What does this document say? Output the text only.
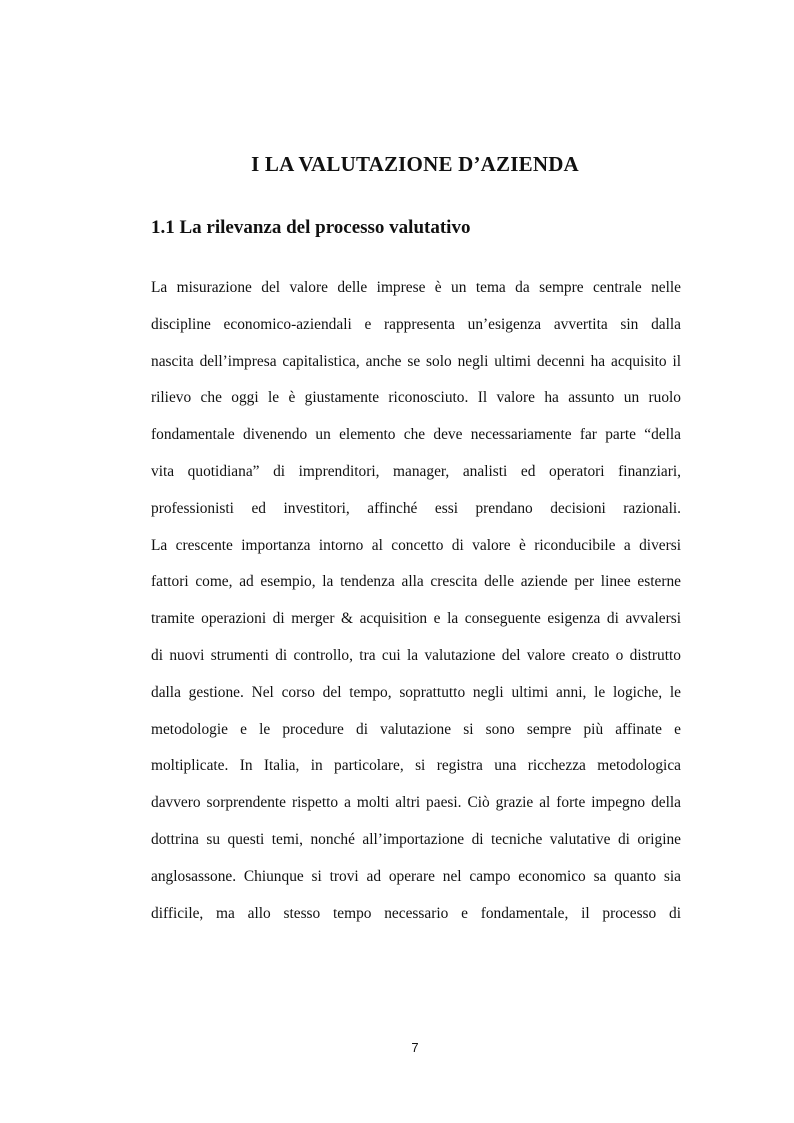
I LA VALUTAZIONE D’AZIENDA
1.1 La rilevanza del processo valutativo
La misurazione del valore delle imprese è un tema da sempre centrale nelle
discipline economico-aziendali e rappresenta un’esigenza avvertita sin dalla
nascita dell’impresa capitalistica, anche se solo negli ultimi decenni ha acquisito il
rilievo che oggi le è giustamente riconosciuto. Il valore ha assunto un ruolo
fondamentale divenendo un elemento che deve necessariamente far parte “della
vita quotidiana” di imprenditori, manager, analisti ed operatori finanziari,
professionisti ed investitori, affinché essi prendano decisioni razionali.
La crescente importanza intorno al concetto di valore è riconducibile a diversi
fattori come, ad esempio, la tendenza alla crescita delle aziende per linee esterne
tramite operazioni di merger & acquisition e la conseguente esigenza di avvalersi
di nuovi strumenti di controllo, tra cui la valutazione del valore creato o distrutto
dalla gestione. Nel corso del tempo, soprattutto negli ultimi anni, le logiche, le
metodologie e le procedure di valutazione si sono sempre più affinate e
moltiplicate. In Italia, in particolare, si registra una ricchezza metodologica
davvero sorprendente rispetto a molti altri paesi. Ciò grazie al forte impegno della
dottrina su questi temi, nonché all’importazione di tecniche valutative di origine
anglosassone. Chiunque si trovi ad operare nel campo economico sa quanto sia
difficile, ma allo stesso tempo necessario e fondamentale, il processo di
7
